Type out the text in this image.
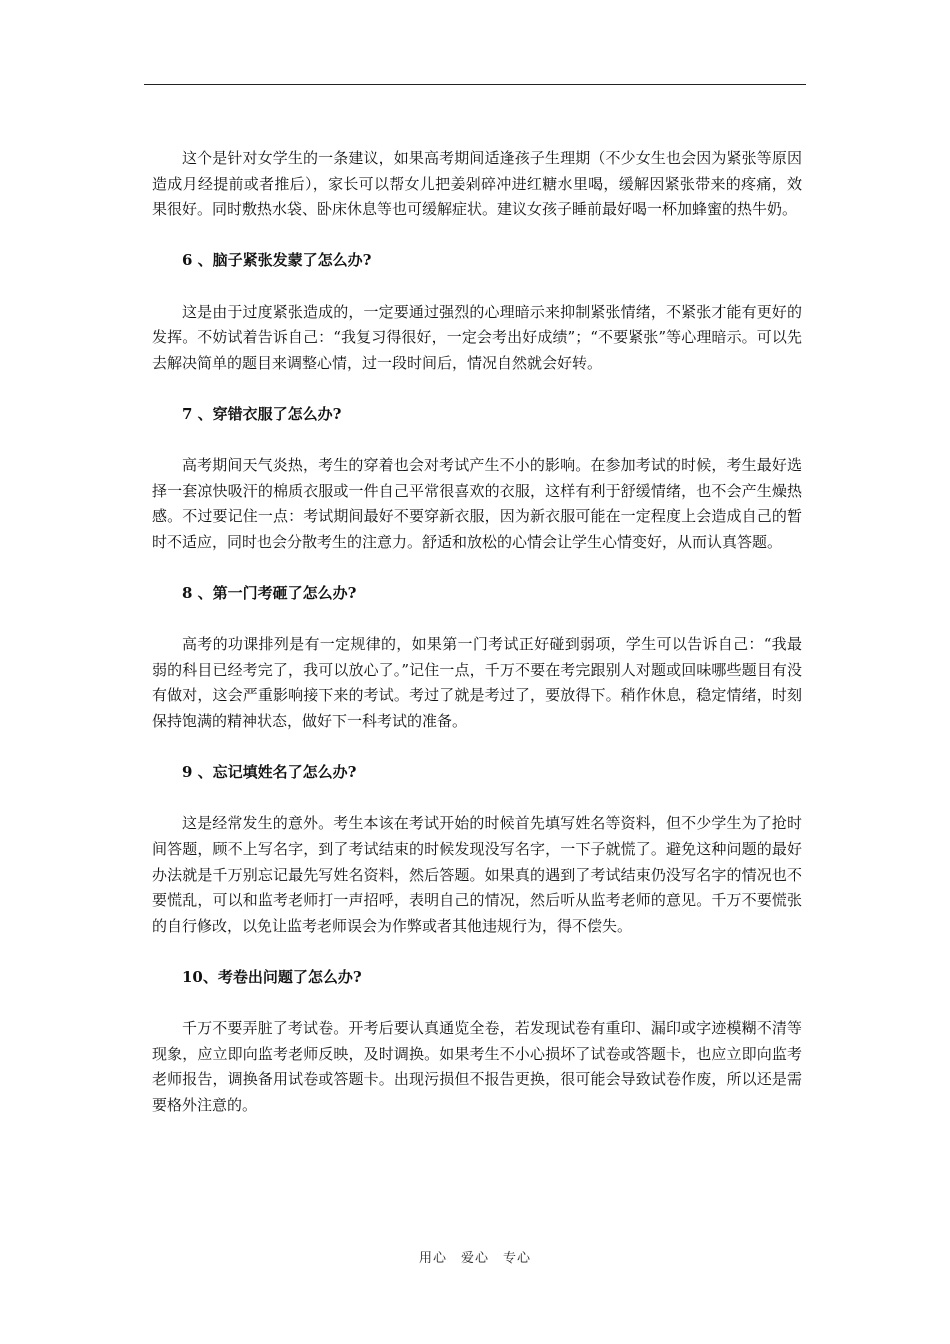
这个是针对女学生的一条建议，如果高考期间适逢孩子生理期（不少女生也会因为紧张等原因造成月经提前或者推后），家长可以帮女儿把姜剁碎冲进红糖水里喝，缓解因紧张带来的疼痛，效果很好。同时敷热水袋、卧床休息等也可缓解症状。建议女孩子睡前最好喝一杯加蜂蜜的热牛奶。

6 、脑子紧张发蒙了怎么办?

这是由于过度紧张造成的，一定要通过强烈的心理暗示来抑制紧张情绪，不紧张才能有更好的发挥。不妨试着告诉自己：“我复习得很好，一定会考出好成绩”；“不要紧张”等心理暗示。可以先去解决简单的题目来调整心情，过一段时间后，情况自然就会好转。

7 、穿错衣服了怎么办?

高考期间天气炎热，考生的穿着也会对考试产生不小的影响。在参加考试的时候，考生最好选择一套凉快吸汗的棉质衣服或一件自己平常很喜欢的衣服，这样有利于舒缓情绪，也不会产生燥热感。不过要记住一点：考试期间最好不要穿新衣服，因为新衣服可能在一定程度上会造成自己的暂时不适应，同时也会分散考生的注意力。舒适和放松的心情会让学生心情变好，从而认真答题。

8 、第一门考砸了怎么办?

高考的功课排列是有一定规律的，如果第一门考试正好碰到弱项，学生可以告诉自己：“我最弱的科目已经考完了，我可以放心了。”记住一点，千万不要在考完跟别人对题或回味哪些题目有没有做对，这会严重影响接下来的考试。考过了就是考过了，要放得下。稍作休息，稳定情绪，时刻保持饱满的精神状态，做好下一科考试的准备。

9 、忘记填姓名了怎么办?

这是经常发生的意外。考生本该在考试开始的时候首先填写姓名等资料，但不少学生为了抢时间答题，顾不上写名字，到了考试结束的时候发现没写名字，一下子就慌了。避免这种问题的最好办法就是千万别忘记最先写姓名资料，然后答题。如果真的遇到了考试结束仍没写名字的情况也不要慌乱，可以和监考老师打一声招呼，表明自己的情况，然后听从监考老师的意见。千万不要慌张的自行修改，以免让监考老师误会为作弊或者其他违规行为，得不偿失。

10、考卷出问题了怎么办?

千万不要弄脏了考试卷。开考后要认真通览全卷，若发现试卷有重印、漏印或字迹模糊不清等现象，应立即向监考老师反映，及时调换。如果考生不小心损坏了试卷或答题卡，也应立即向监考老师报告，调换备用试卷或答题卡。出现污损但不报告更换，很可能会导致试卷作废，所以还是需要格外注意的。

用心　爱心　专心
